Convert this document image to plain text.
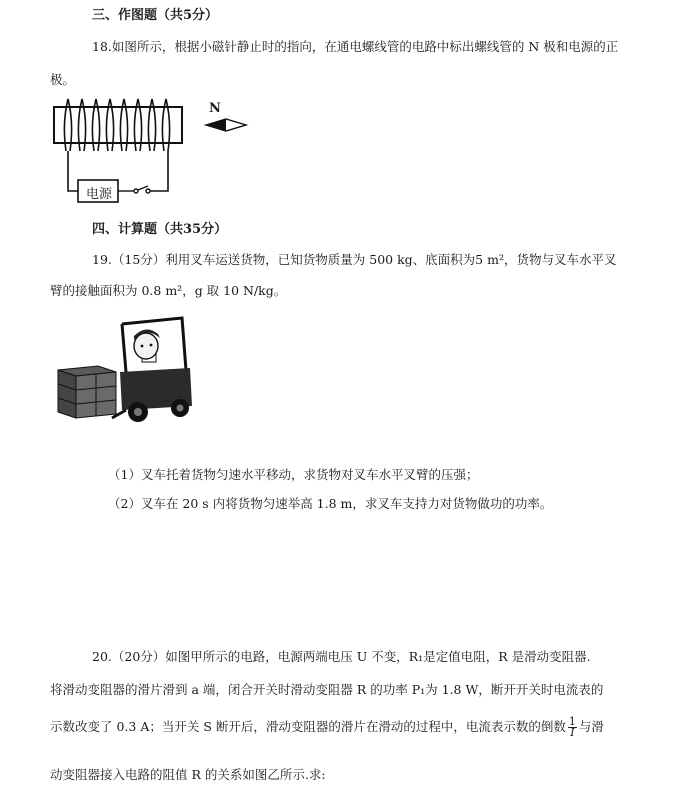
三、作图题（共5分）
18.如图所示，根据小磁针静止时的指向，在通电螺线管的电路中标出螺线管的 N 极和电源的正
极。
N
电源
四、计算题（共35分）
19.（15分）利用叉车运送货物，已知货物质量为 500 kg、底面积为5 m²，货物与叉车水平叉
臂的接触面积为 0.8 m²，g 取 10 N/kg。
（1）叉车托着货物匀速水平移动，求货物对叉车水平叉臂的压强；
（2）叉车在 20 s 内将货物匀速举高 1.8 m，求叉车支持力对货物做功的功率。
20.（20分）如图甲所示的电路，电源两端电压 U 不变，R₁是定值电阻，R 是滑动变阻器.
将滑动变阻器的滑片滑到 a 端，闭合开关时滑动变阻器 R 的功率 P₁为 1.8 W，断开开关时电流表的
示数改变了 0.3 A；当开关 S 断开后，滑动变阻器的滑片在滑动的过程中，电流表示数的倒数 $\frac{1}{I}$ 与滑
动变阻器接入电路的阻值 R 的关系如图乙所示.求:
